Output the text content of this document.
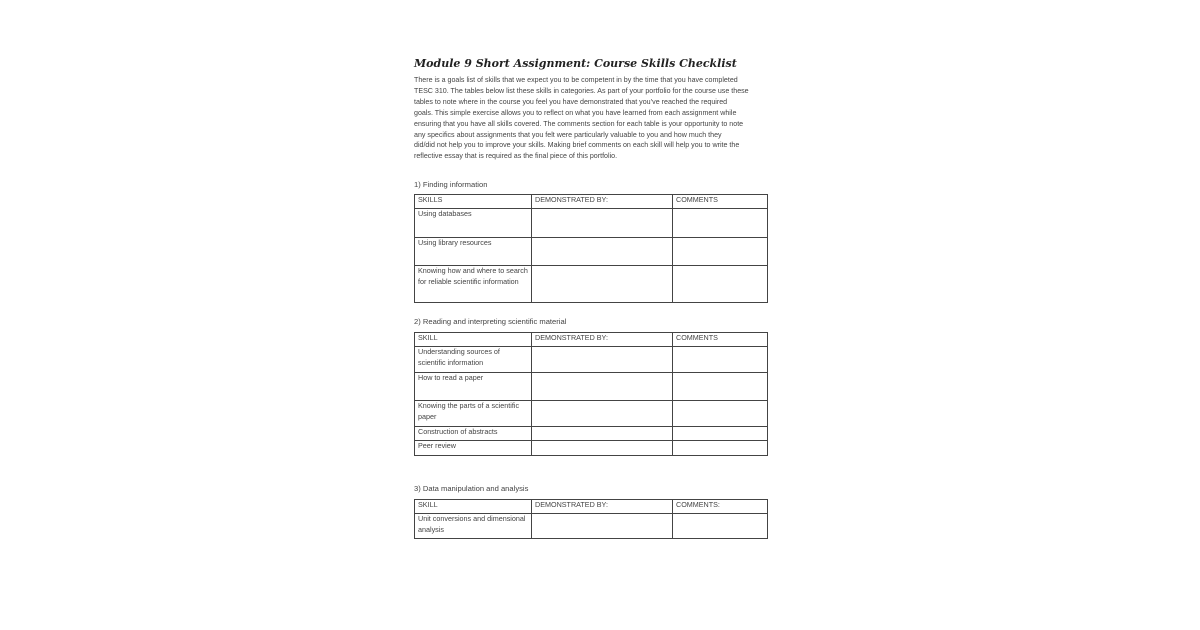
Module 9 Short Assignment: Course Skills Checklist

There is a goals list of skills that we expect you to be competent in by the time that you have completed
TESC 310. The tables below list these skills in categories. As part of your portfolio for the course use these
tables to note where in the course you feel you have demonstrated that you’ve reached the required
goals. This simple exercise allows you to reflect on what you have learned from each assignment while
ensuring that you have all skills covered. The comments section for each table is your opportunity to note
any specifics about assignments that you felt were particularly valuable to you and how much they
did/did not help you to improve your skills. Making brief comments on each skill will help you to write the
reflective essay that is required as the final piece of this portfolio.

1) Finding information

SKILLS	DEMONSTRATED BY:	COMMENTS
Using databases		
Using library resources		
Knowing how and where to search for reliable scientific information		

2) Reading and interpreting scientific material

SKILL	DEMONSTRATED BY:	COMMENTS
Understanding sources of scientific information		
How to read a paper		
Knowing the parts of a scientific paper		
Construction of abstracts		
Peer review		

3) Data manipulation and analysis

SKILL	DEMONSTRATED BY:	COMMENTS:
Unit conversions and dimensional analysis		
